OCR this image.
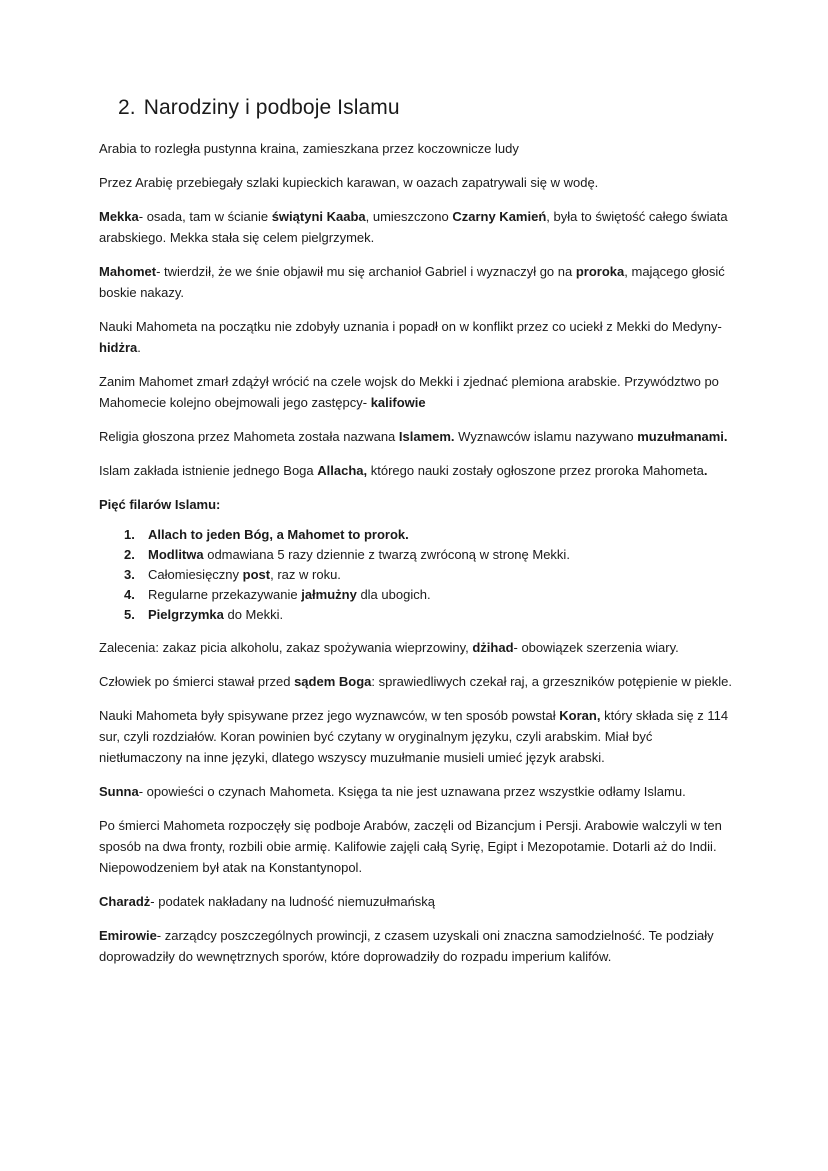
2. Narodziny i podboje Islamu

Arabia to rozległa pustynna kraina, zamieszkana przez koczownicze ludy

Przez Arabię przebiegały szlaki kupieckich karawan, w oazach zapatrywali się w wodę.

Mekka- osada, tam w ścianie świątyni Kaaba, umieszczono Czarny Kamień, była to świętość całego świata arabskiego. Mekka stała się celem pielgrzymek.

Mahomet- twierdził, że we śnie objawił mu się archanioł Gabriel i wyznaczył go na proroka, mającego głosić boskie nakazy.

Nauki Mahometa na początku nie zdobyły uznania i popadł on w konflikt przez co uciekł z Mekki do Medyny- hidżra.

Zanim Mahomet zmarł zdążył wrócić na czele wojsk do Mekki i zjednać plemiona arabskie. Przywództwo po Mahomecie kolejno obejmowali jego zastępcy- kalifowie

Religia głoszona przez Mahometa została nazwana Islamem. Wyznawców islamu nazywano muzułmanami.

Islam zakłada istnienie jednego Boga Allacha, którego nauki zostały ogłoszone przez proroka Mahometa.

Pięć filarów Islamu:

1. Allach to jeden Bóg, a Mahomet to prorok.
2. Modlitwa odmawiana 5 razy dziennie z twarzą zwróconą w stronę Mekki.
3. Całomiesięczny post, raz w roku.
4. Regularne przekazywanie jałmużny dla ubogich.
5. Pielgrzymka do Mekki.

Zalecenia: zakaz picia alkoholu, zakaz spożywania wieprzowiny, dżihad- obowiązek szerzenia wiary.

Człowiek po śmierci stawał przed sądem Boga: sprawiedliwych czekał raj, a grzeszników potępienie w piekle.

Nauki Mahometa były spisywane przez jego wyznawców, w ten sposób powstał Koran, który składa się z 114 sur, czyli rozdziałów. Koran powinien być czytany w oryginalnym języku, czyli arabskim. Miał być nietłumaczony na inne języki, dlatego wszyscy muzułmanie musieli umieć język arabski.

Sunna- opowieści o czynach Mahometa. Księga ta nie jest uznawana przez wszystkie odłamy Islamu.

Po śmierci Mahometa rozpoczęły się podboje Arabów, zaczęli od Bizancjum i Persji. Arabowie walczyli w ten sposób na dwa fronty, rozbili obie armię. Kalifowie zajęli całą Syrię, Egipt i Mezopotamie. Dotarli aż do Indii. Niepowodzeniem był atak na Konstantynopol.

Charadż- podatek nakładany na ludność niemuzułmańską

Emirowie- zarządcy poszczególnych prowincji, z czasem uzyskali oni znaczna samodzielność. Te podziały doprowadziły do wewnętrznych sporów, które doprowadziły do rozpadu imperium kalifów.
